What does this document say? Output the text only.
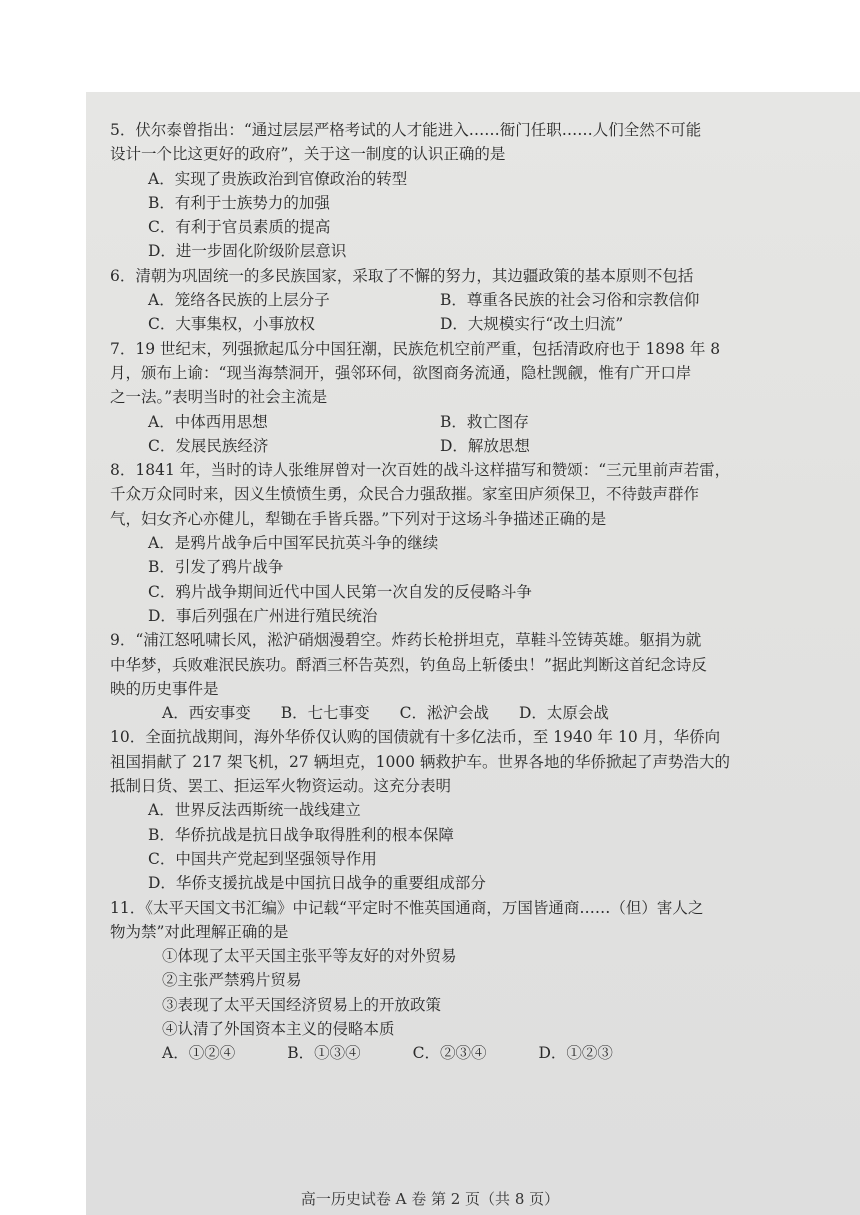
5．伏尔泰曾指出：“通过层层严格考试的人才能进入……衙门任职……人们全然不可能
设计一个比这更好的政府”，关于这一制度的认识正确的是
A．实现了贵族政治到官僚政治的转型
B．有利于士族势力的加强
C．有利于官员素质的提高
D．进一步固化阶级阶层意识
6．清朝为巩固统一的多民族国家，采取了不懈的努力，其边疆政策的基本原则不包括
A．笼络各民族的上层分子	B．尊重各民族的社会习俗和宗教信仰
C．大事集权，小事放权	D．大规模实行“改土归流”
7．19 世纪末，列强掀起瓜分中国狂潮，民族危机空前严重，包括清政府也于 1898 年 8
月，颁布上谕：“现当海禁洞开，强邻环伺，欲图商务流通，隐杜觊觎，惟有广开口岸
之一法。”表明当时的社会主流是
A．中体西用思想	B．救亡图存
C．发展民族经济	D．解放思想
8．1841 年，当时的诗人张维屏曾对一次百姓的战斗这样描写和赞颂：“三元里前声若雷，
千众万众同时来，因义生愤愤生勇，众民合力强敌摧。家室田庐须保卫，不待鼓声群作
气，妇女齐心亦健儿，犁锄在手皆兵器。”下列对于这场斗争描述正确的是
A．是鸦片战争后中国军民抗英斗争的继续
B．引发了鸦片战争
C．鸦片战争期间近代中国人民第一次自发的反侵略斗争
D．事后列强在广州进行殖民统治
9．“浦江怒吼啸长风，淞沪硝烟漫碧空。炸药长枪拼坦克，草鞋斗笠铸英雄。躯捐为就
中华梦，兵败难泯民族功。酹酒三杯告英烈，钓鱼岛上斩倭虫！”据此判断这首纪念诗反
映的历史事件是
A．西安事变 B．七七事变 C．淞沪会战 D．太原会战
10．全面抗战期间，海外华侨仅认购的国债就有十多亿法币，至 1940 年 10 月，华侨向
祖国捐献了 217 架飞机，27 辆坦克，1000 辆救护车。世界各地的华侨掀起了声势浩大的
抵制日货、罢工、拒运军火物资运动。这充分表明
A．世界反法西斯统一战线建立
B．华侨抗战是抗日战争取得胜利的根本保障
C．中国共产党起到坚强领导作用
D．华侨支援抗战是中国抗日战争的重要组成部分
11．《太平天国文书汇编》中记载“平定时不惟英国通商，万国皆通商……（但）害人之
物为禁”对此理解正确的是
①体现了太平天国主张平等友好的对外贸易
②主张严禁鸦片贸易
③表现了太平天国经济贸易上的开放政策
④认清了外国资本主义的侵略本质
A．①②④	B．①③④	C．②③④	D．①②③
高一历史试卷 A 卷 第 2 页（共 8 页）
